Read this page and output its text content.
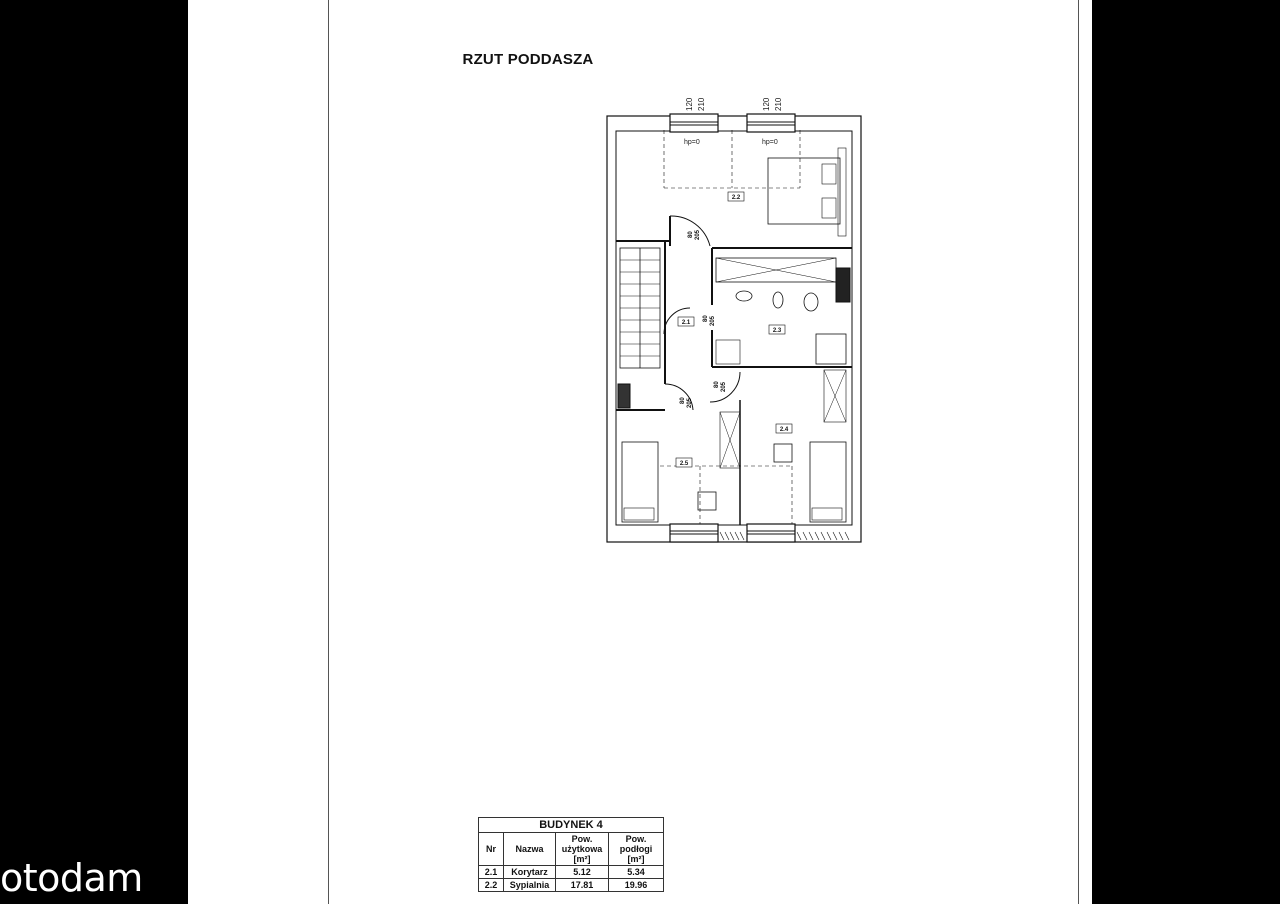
otodam
RZUT PODDASZA
120 210	120 210
hp=0	hp=0
2.1
2.2
2.3
2.4
2.5
80 205
80 205
80 205
80 205
BUDYNEK 4			
Nr	Nazwa	Pow.
użytkowa
[m²]	Pow.
podłogi
[m²]
2.1	Korytarz	5.12	5.34
2.2	Sypialnia	17.81	19.96
